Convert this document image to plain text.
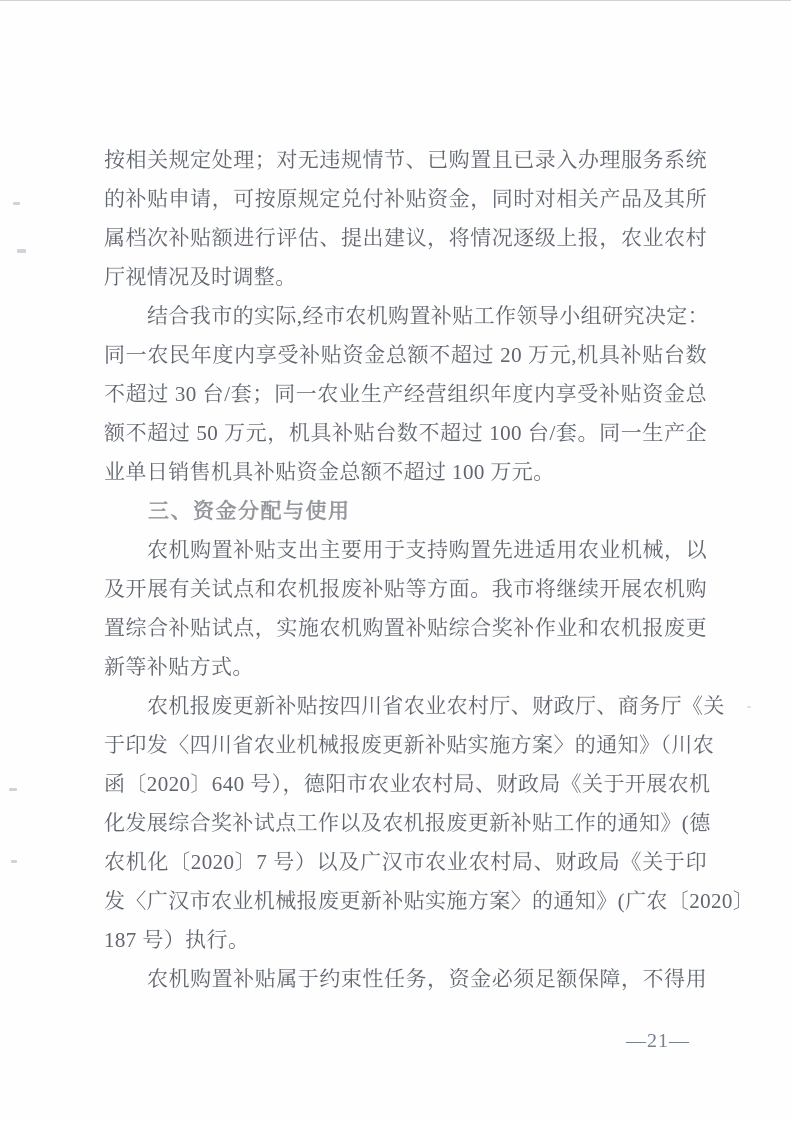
按相关规定处理；对无违规情节、已购置且已录入办理服务系统
的补贴申请，可按原规定兑付补贴资金，同时对相关产品及其所
属档次补贴额进行评估、提出建议，将情况逐级上报，农业农村
厅视情况及时调整。
结合我市的实际,经市农机购置补贴工作领导小组研究决定：
同一农民年度内享受补贴资金总额不超过 20 万元,机具补贴台数
不超过 30 台/套；同一农业生产经营组织年度内享受补贴资金总
额不超过 50 万元，机具补贴台数不超过 100 台/套。同一生产企
业单日销售机具补贴资金总额不超过 100 万元。
三、资金分配与使用
农机购置补贴支出主要用于支持购置先进适用农业机械，以
及开展有关试点和农机报废补贴等方面。我市将继续开展农机购
置综合补贴试点，实施农机购置补贴综合奖补作业和农机报废更
新等补贴方式。
农机报废更新补贴按四川省农业农村厅、财政厅、商务厅《关
于印发〈四川省农业机械报废更新补贴实施方案〉的通知》（川农
函〔2020〕640 号），德阳市农业农村局、财政局《关于开展农机
化发展综合奖补试点工作以及农机报废更新补贴工作的通知》(德
农机化〔2020〕7 号）以及广汉市农业农村局、财政局《关于印
发〈广汉市农业机械报废更新补贴实施方案〉的通知》(广农〔2020〕
187 号）执行。
农机购置补贴属于约束性任务，资金必须足额保障，不得用
—21—
